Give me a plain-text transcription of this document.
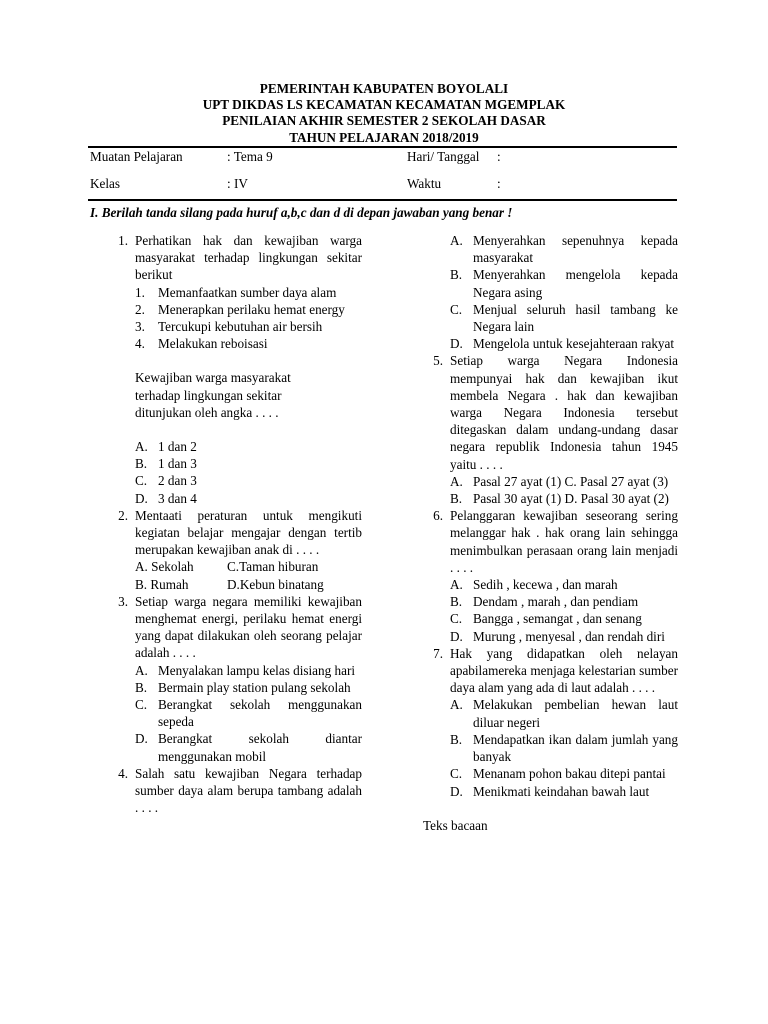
PEMERINTAH KABUPATEN BOYOLALI
UPT DIKDAS LS KECAMATAN KECAMATAN MGEMPLAK
PENILAIAN AKHIR SEMESTER 2 SEKOLAH DASAR
TAHUN PELAJARAN 2018/2019
Muatan Pelajaran	: Tema 9	Hari/ Tanggal :
Kelas	: IV	Waktu	:
I. Berilah tanda silang pada huruf a,b,c dan d di depan jawaban yang benar !
1. Perhatikan hak dan kewajiban warga masyarakat terhadap lingkungan sekitar berikut
1. Memanfaatkan sumber daya alam
2. Menerapkan perilaku hemat energy
3. Tercukupi kebutuhan air bersih
4. Melakukan reboisasi
Kewajiban warga masyarakat terhadap lingkungan sekitar ditunjukan oleh angka . . . .
A. 1 dan 2
B. 1 dan 3
C. 2 dan 3
D. 3 dan 4
2. Mentaati peraturan untuk mengikuti kegiatan belajar mengajar dengan tertib merupakan kewajiban anak di . . . .
A. Sekolah	C.Taman hiburan
B. Rumah	D.Kebun binatang
3. Setiap warga negara memiliki kewajiban menghemat energi, perilaku hemat energi yang dapat dilakukan oleh seorang pelajar adalah . . . .
A. Menyalakan lampu kelas disiang hari
B. Bermain play station pulang sekolah
C. Berangkat sekolah menggunakan sepeda
D. Berangkat sekolah diantar menggunakan mobil
4. Salah satu kewajiban Negara terhadap sumber daya alam berupa tambang adalah . . . .
A. Menyerahkan sepenuhnya kepada masyarakat
B. Menyerahkan mengelola kepada Negara asing
C. Menjual seluruh hasil tambang ke Negara lain
D. Mengelola untuk kesejahteraan rakyat
5. Setiap warga Negara Indonesia mempunyai hak dan kewajiban ikut membela Negara . hak dan kewajiban warga Negara Indonesia tersebut ditegaskan dalam undang-undang dasar negara republik Indonesia tahun 1945 yaitu . . . .
A. Pasal 27 ayat (1) C. Pasal 27 ayat (3)
B. Pasal 30 ayat (1) D. Pasal 30 ayat (2)
6. Pelanggaran kewajiban seseorang sering melanggar hak . hak orang lain sehingga menimbulkan perasaan orang lain menjadi . . . .
A. Sedih , kecewa , dan marah
B. Dendam , marah , dan pendiam
C. Bangga , semangat , dan senang
D. Murung , menyesal , dan rendah diri
7. Hak yang didapatkan oleh nelayan apabilamereka menjaga kelestarian sumber daya alam yang ada di laut adalah . . . .
A. Melakukan pembelian hewan laut diluar negeri
B. Mendapatkan ikan dalam jumlah yang banyak
C. Menanam pohon bakau ditepi pantai
D. Menikmati keindahan bawah laut
Teks bacaan
